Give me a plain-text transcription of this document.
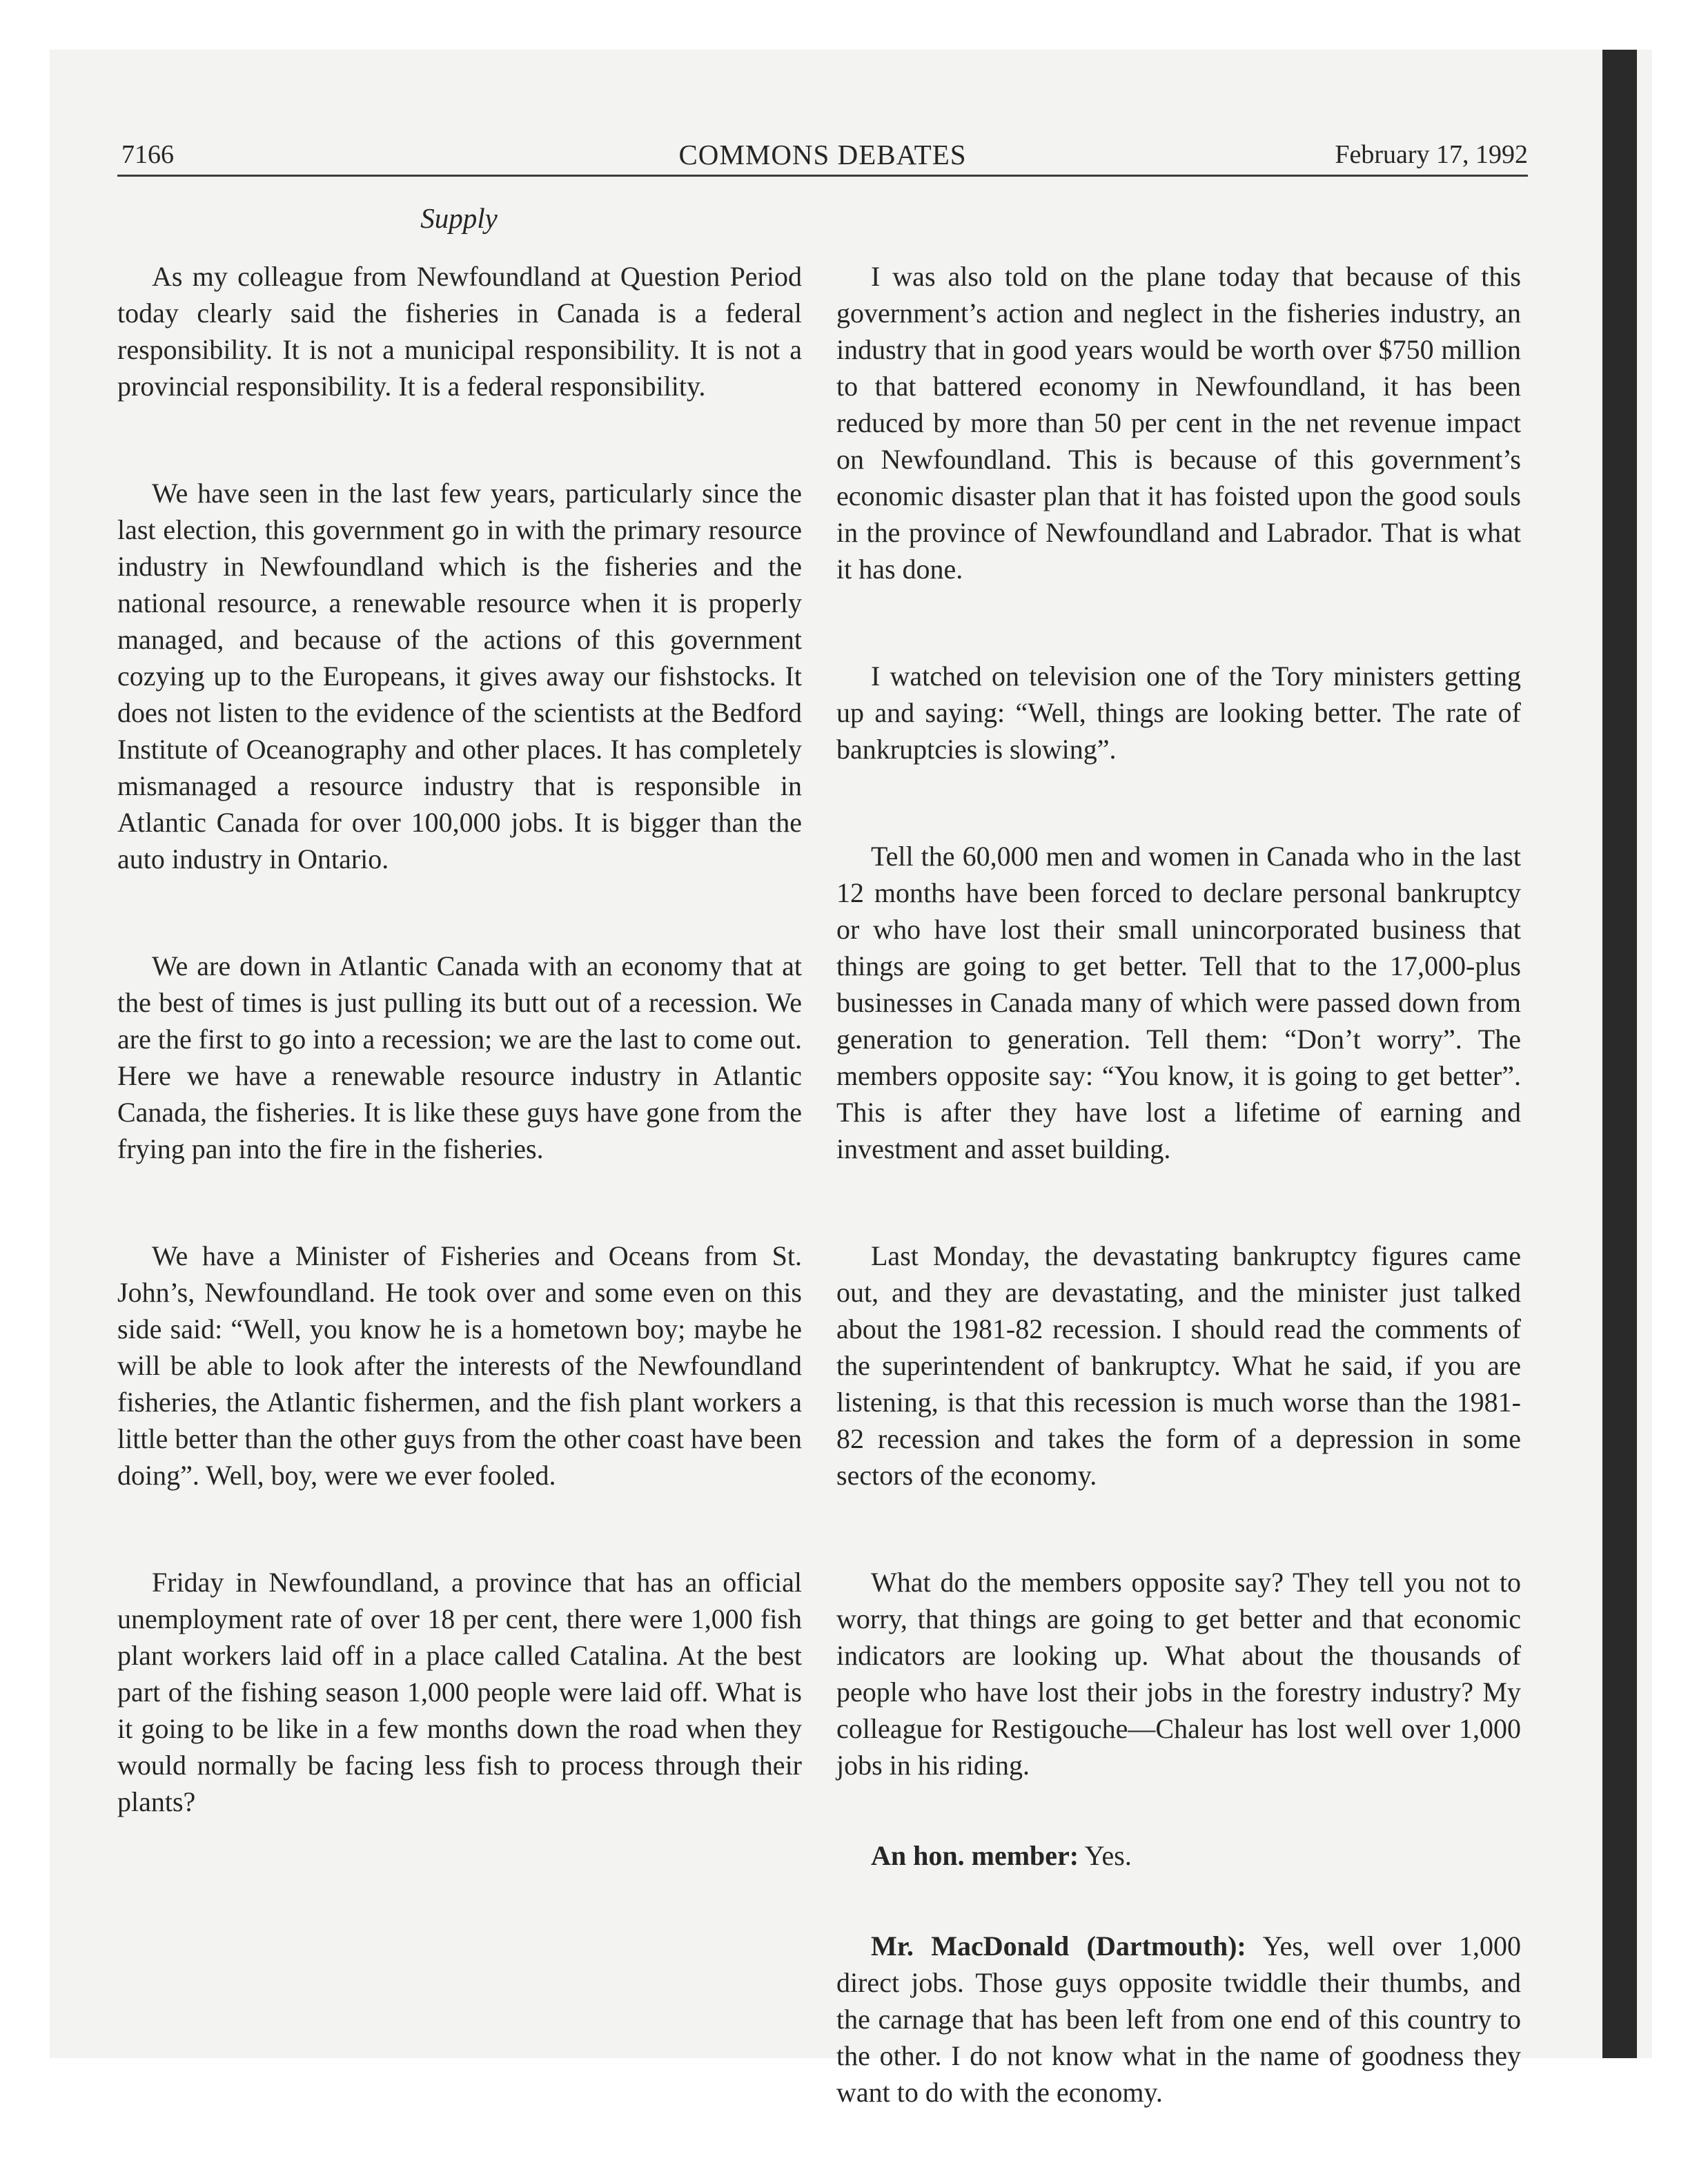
7166	COMMONS DEBATES	February 17, 1992
Supply

As my colleague from Newfoundland at Question Period today clearly said the fisheries in Canada is a federal responsibility. It is not a municipal responsibility. It is not a provincial responsibility. It is a federal responsibility.

We have seen in the last few years, particularly since the last election, this government go in with the primary resource industry in Newfoundland which is the fisheries and the national resource, a renewable resource when it is properly managed, and because of the actions of this government cozying up to the Europeans, it gives away our fishstocks. It does not listen to the evidence of the scientists at the Bedford Institute of Oceanography and other places. It has completely mismanaged a resource industry that is responsible in Atlantic Canada for over 100,000 jobs. It is bigger than the auto industry in Ontario.

We are down in Atlantic Canada with an economy that at the best of times is just pulling its butt out of a recession. We are the first to go into a recession; we are the last to come out. Here we have a renewable resource industry in Atlantic Canada, the fisheries. It is like these guys have gone from the frying pan into the fire in the fisheries.

We have a Minister of Fisheries and Oceans from St. John’s, Newfoundland. He took over and some even on this side said: “Well, you know he is a hometown boy; maybe he will be able to look after the interests of the Newfoundland fisheries, the Atlantic fishermen, and the fish plant workers a little better than the other guys from the other coast have been doing”. Well, boy, were we ever fooled.

Friday in Newfoundland, a province that has an official unemployment rate of over 18 per cent, there were 1,000 fish plant workers laid off in a place called Catalina. At the best part of the fishing season 1,000 people were laid off. What is it going to be like in a few months down the road when they would normally be facing less fish to process through their plants?

I was also told on the plane today that because of this government’s action and neglect in the fisheries industry, an industry that in good years would be worth over $750 million to that battered economy in Newfoundland, it has been reduced by more than 50 per cent in the net revenue impact on Newfoundland. This is because of this government’s economic disaster plan that it has foisted upon the good souls in the province of Newfoundland and Labrador. That is what it has done.

I watched on television one of the Tory ministers getting up and saying: “Well, things are looking better. The rate of bankruptcies is slowing”.

Tell the 60,000 men and women in Canada who in the last 12 months have been forced to declare personal bankruptcy or who have lost their small unincorporated business that things are going to get better. Tell that to the 17,000-plus businesses in Canada many of which were passed down from generation to generation. Tell them: “Don’t worry”. The members opposite say: “You know, it is going to get better”. This is after they have lost a lifetime of earning and investment and asset building.

Last Monday, the devastating bankruptcy figures came out, and they are devastating, and the minister just talked about the 1981-82 recession. I should read the comments of the superintendent of bankruptcy. What he said, if you are listening, is that this recession is much worse than the 1981-82 recession and takes the form of a depression in some sectors of the economy.

What do the members opposite say? They tell you not to worry, that things are going to get better and that economic indicators are looking up. What about the thousands of people who have lost their jobs in the forestry industry? My colleague for Restigouche—Chaleur has lost well over 1,000 jobs in his riding.

An hon. member: Yes.

Mr. MacDonald (Dartmouth): Yes, well over 1,000 direct jobs. Those guys opposite twiddle their thumbs, and the carnage that has been left from one end of this country to the other. I do not know what in the name of goodness they want to do with the economy.
